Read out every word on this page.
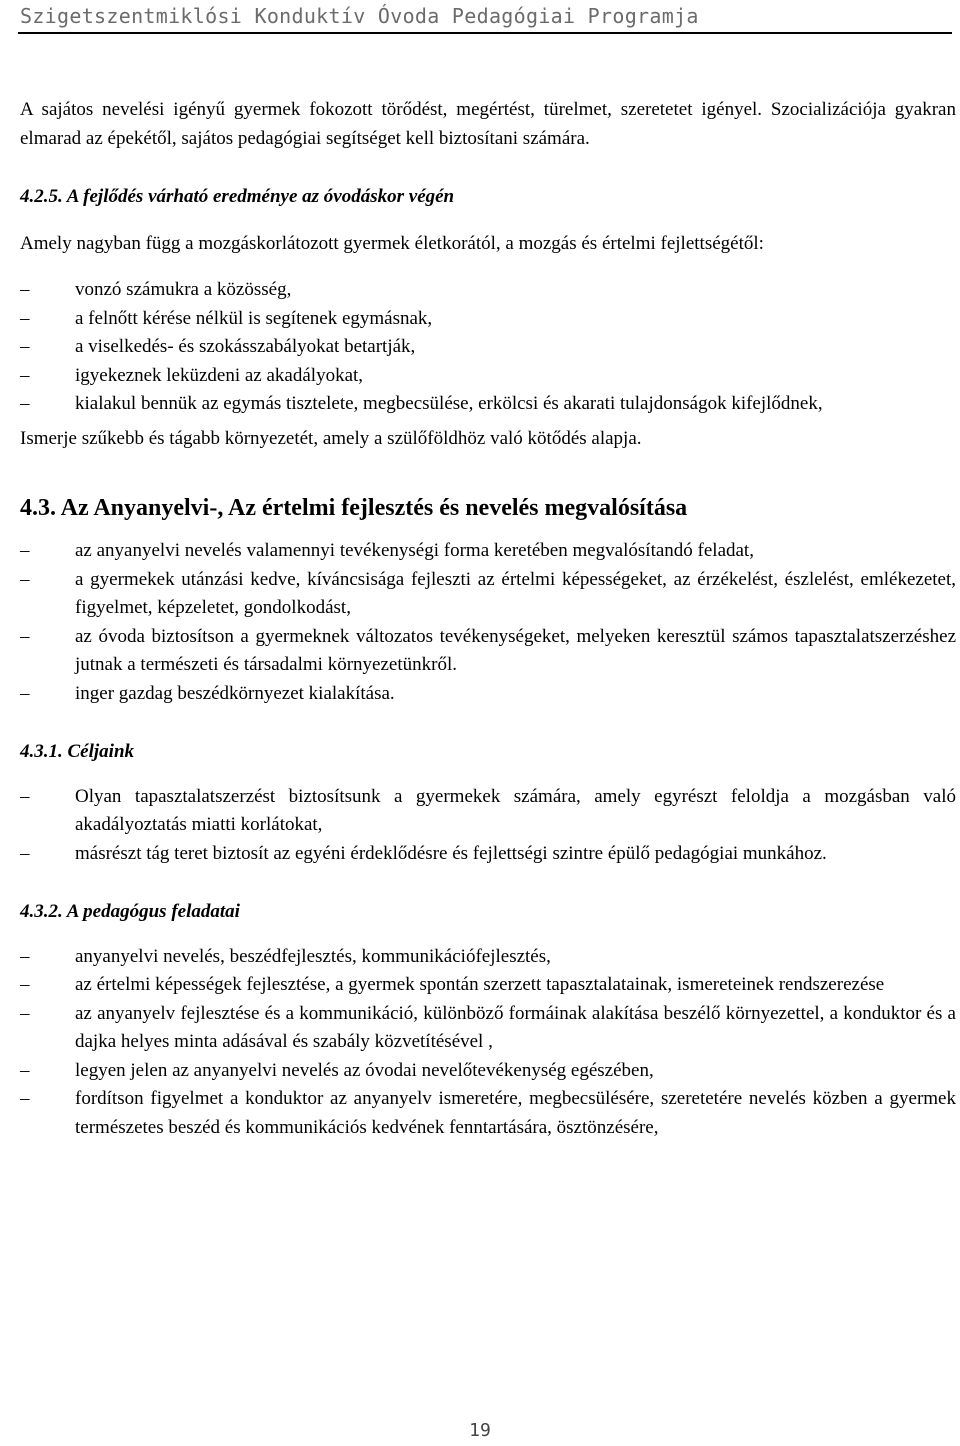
Szigetszentmiklósi Konduktív Óvoda Pedagógiai Programja

A sajátos nevelési igényű gyermek fokozott törődést, megértést, türelmet, szeretetet igényel. Szocializációja gyakran elmarad az épekétől, sajátos pedagógiai segítséget kell biztosítani számára.

4.2.5. A fejlődés várható eredménye az óvodáskor végén

Amely nagyban függ a mozgáskorlátozott gyermek életkorától, a mozgás és értelmi fejlettségétől:

– vonzó számukra a közösség,
– a felnőtt kérése nélkül is segítenek egymásnak,
– a viselkedés- és szokásszabályokat betartják,
– igyekeznek leküzdeni az akadályokat,
– kialakul bennük az egymás tisztelete, megbecsülése, erkölcsi és akarati tulajdonságok kifejlődnek,

Ismerje szűkebb és tágabb környezetét, amely a szülőföldhöz való kötődés alapja.

4.3. Az Anyanyelvi-, Az értelmi fejlesztés és nevelés megvalósítása

– az anyanyelvi nevelés valamennyi tevékenységi forma keretében megvalósítandó feladat,
– a gyermekek utánzási kedve, kíváncsisága fejleszti az értelmi képességeket, az érzékelést, észlelést, emlékezetet, figyelmet, képzeletet, gondolkodást,
– az óvoda biztosítson a gyermeknek változatos tevékenységeket, melyeken keresztül számos tapasztalatszerzéshez jutnak a természeti és társadalmi környezetünkről.
– inger gazdag beszédkörnyezet kialakítása.

4.3.1. Céljaink

– Olyan tapasztalatszerzést biztosítsunk a gyermekek számára, amely egyrészt feloldja a mozgásban való akadályoztatás miatti korlátokat,
– másrészt tág teret biztosít az egyéni érdeklődésre és fejlettségi szintre épülő pedagógiai munkához.

4.3.2. A pedagógus feladatai

– anyanyelvi nevelés, beszédfejlesztés, kommunikációfejlesztés,
– az értelmi képességek fejlesztése, a gyermek spontán szerzett tapasztalatainak, ismereteinek rendszerezése
– az anyanyelv fejlesztése és a kommunikáció, különböző formáinak alakítása beszélő környezettel, a konduktor és a dajka helyes minta adásával és szabály közvetítésével ,
– legyen jelen az anyanyelvi nevelés az óvodai nevelőtevékenység egészében,
– fordítson figyelmet a konduktor az anyanyelv ismeretére, megbecsülésére, szeretetére nevelés közben a gyermek természetes beszéd és kommunikációs kedvének fenntartására, ösztönzésére,
19
